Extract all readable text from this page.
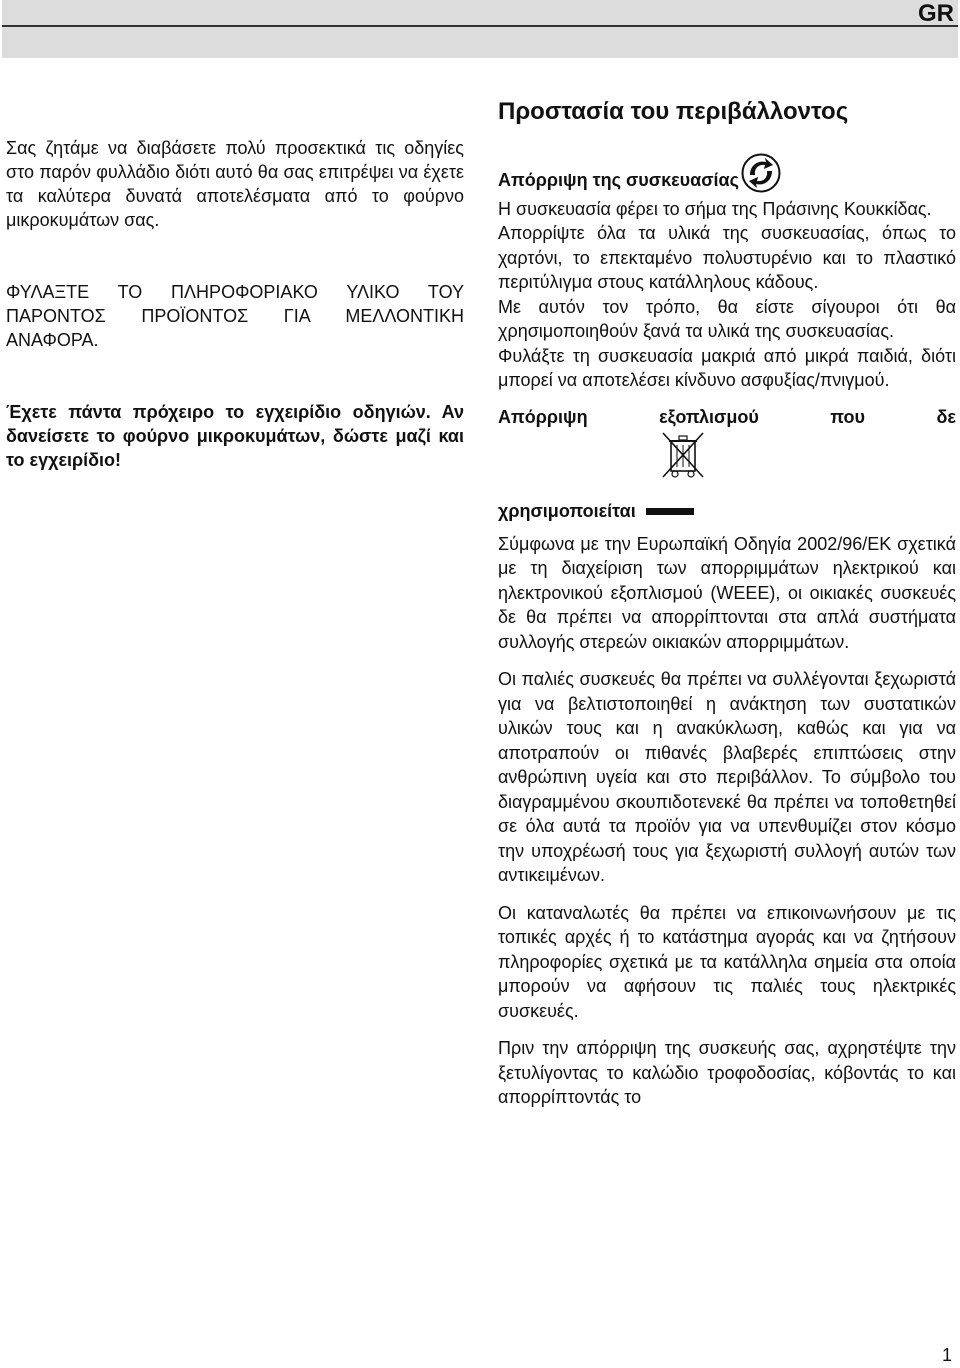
GR

Σας ζητάμε να διαβάσετε πολύ προσεκτικά τις οδηγίες στο παρόν φυλλάδιο διότι αυτό θα σας επιτρέψει να έχετε τα καλύτερα δυνατά αποτελέσματα από το φούρνο μικροκυμάτων σας.

ΦΥΛΑΞΤΕ ΤΟ ΠΛΗΡΟΦΟΡΙΑΚΟ ΥΛΙΚΟ ΤΟΥ ΠΑΡΟΝΤΟΣ ΠΡΟΪΟΝΤΟΣ ΓΙΑ ΜΕΛΛΟΝΤΙΚΗ ΑΝΑΦΟΡΑ.

Έχετε πάντα πρόχειρο το εγχειρίδιο οδηγιών. Αν δανείσετε το φούρνο μικροκυμάτων, δώστε μαζί και το εγχειρίδιο!

Προστασία του περιβάλλοντος
Απόρριψη της συσκευασίας

Η συσκευασία φέρει το σήμα της Πράσινης Κουκκίδας.

Απορρίψτε όλα τα υλικά της συσκευασίας, όπως το χαρτόνι, το επεκταμένο πολυστυρένιο και το πλαστικό περιτύλιγμα στους κατάλληλους κάδους.

Με αυτόν τον τρόπο, θα είστε σίγουροι ότι θα χρησιμοποιηθούν ξανά τα υλικά της συσκευασίας.

Φυλάξτε τη συσκευασία μακριά από μικρά παιδιά, διότι μπορεί να αποτελέσει κίνδυνο ασφυξίας/πνιγμού.

Απόρριψη	εξοπλισμού	που	δε
χρησιμοποιείται

Σύμφωνα με την Ευρωπαϊκή Οδηγία 2002/96/ΕΚ σχετικά με τη διαχείριση των απορριμμάτων ηλεκτρικού και ηλεκτρονικού εξοπλισμού (WEEE), οι οικιακές συσκευές δε θα πρέπει να απορρίπτονται στα απλά συστήματα συλλογής στερεών οικιακών απορριμμάτων.

Οι παλιές συσκευές θα πρέπει να συλλέγονται ξεχωριστά για να βελτιστοποιηθεί η ανάκτηση των συστατικών υλικών τους και η ανακύκλωση, καθώς και για να αποτραπούν οι πιθανές βλαβερές επιπτώσεις στην ανθρώπινη υγεία και στο περιβάλλον. Το σύμβολο του διαγραμμένου σκουπιδοτενεκέ θα πρέπει να τοποθετηθεί σε όλα αυτά τα προϊόν για να υπενθυμίζει στον κόσμο την υποχρέωσή τους για ξεχωριστή συλλογή αυτών των αντικειμένων.

Οι καταναλωτές θα πρέπει να επικοινωνήσουν με τις τοπικές αρχές ή το κατάστημα αγοράς και να ζητήσουν πληροφορίες σχετικά με τα κατάλληλα σημεία στα οποία μπορούν να αφήσουν τις παλιές τους ηλεκτρικές συσκευές.

Πριν την απόρριψη της συσκευής σας, αχρηστέψτε την ξετυλίγοντας το καλώδιο τροφοδοσίας, κόβοντάς το και απορρίπτοντάς το

1
